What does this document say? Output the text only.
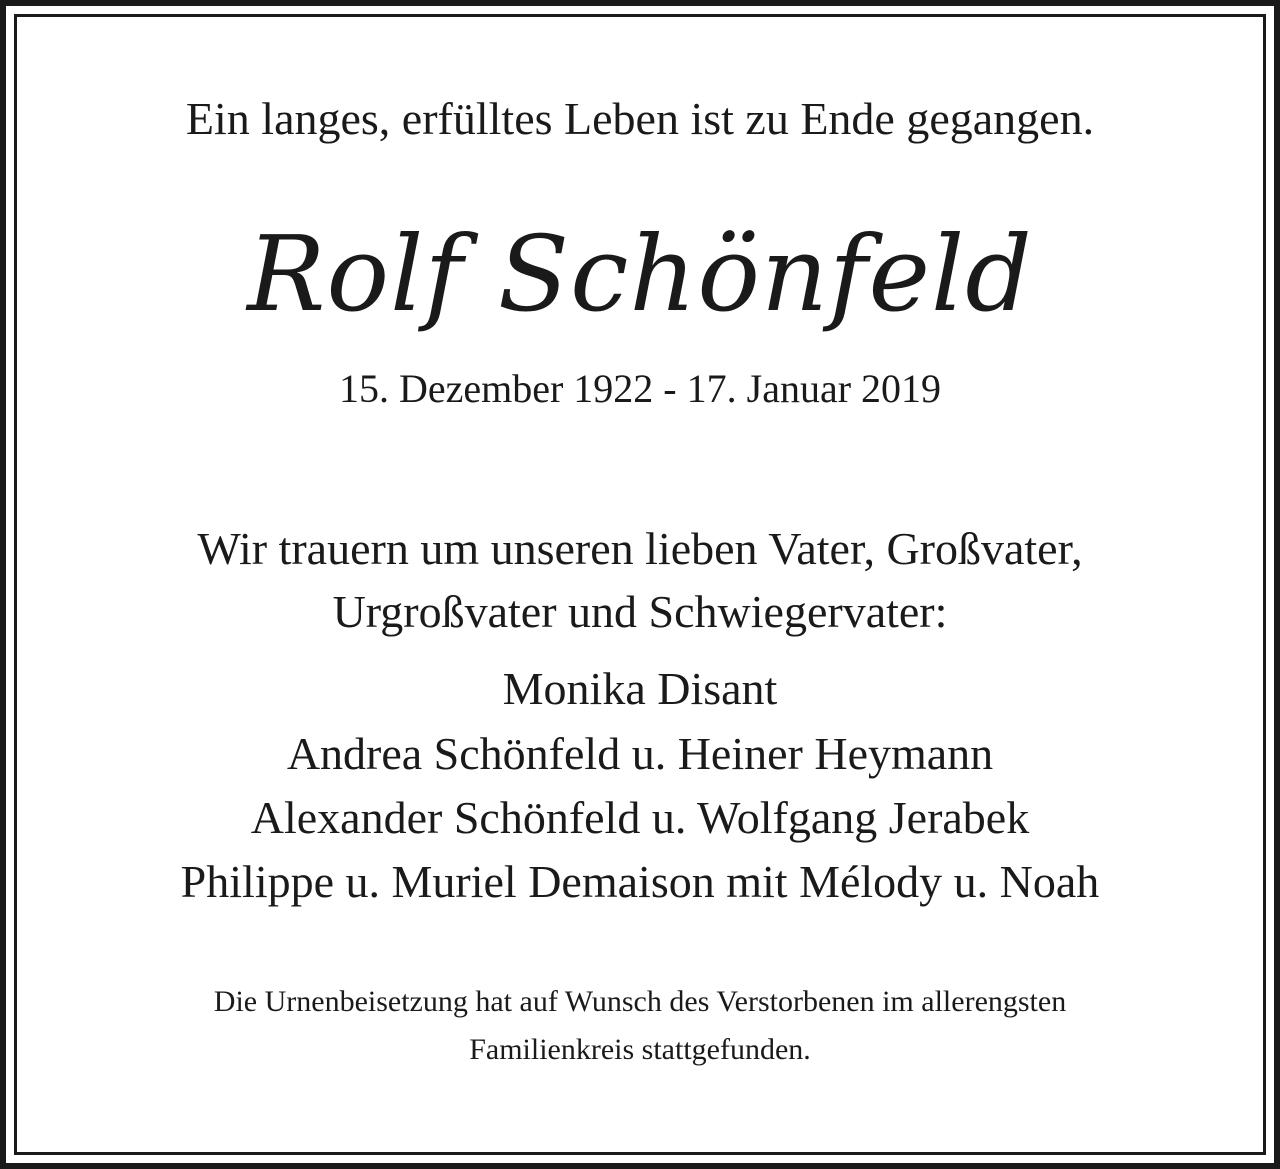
Ein langes, erfülltes Leben ist zu Ende gegangen.
Rolf Schönfeld
15. Dezember 1922 - 17. Januar 2019
Wir trauern um unseren lieben Vater, Großvater,
Urgroßvater und Schwiegervater:
Monika Disant
Andrea Schönfeld u. Heiner Heymann
Alexander Schönfeld u. Wolfgang Jerabek
Philippe u. Muriel Demaison mit Mélody u. Noah
Die Urnenbeisetzung hat auf Wunsch des Verstorbenen im allerengsten
Familienkreis stattgefunden.
